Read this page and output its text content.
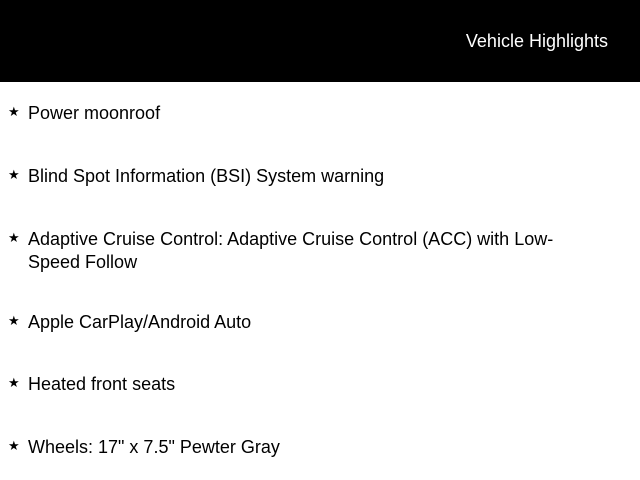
Vehicle Highlights
★ Power moonroof
★ Blind Spot Information (BSI) System warning
★ Adaptive Cruise Control: Adaptive Cruise Control (ACC) with Low-Speed Follow
★ Apple CarPlay/Android Auto
★ Heated front seats
★ Wheels: 17" x 7.5" Pewter Gray
